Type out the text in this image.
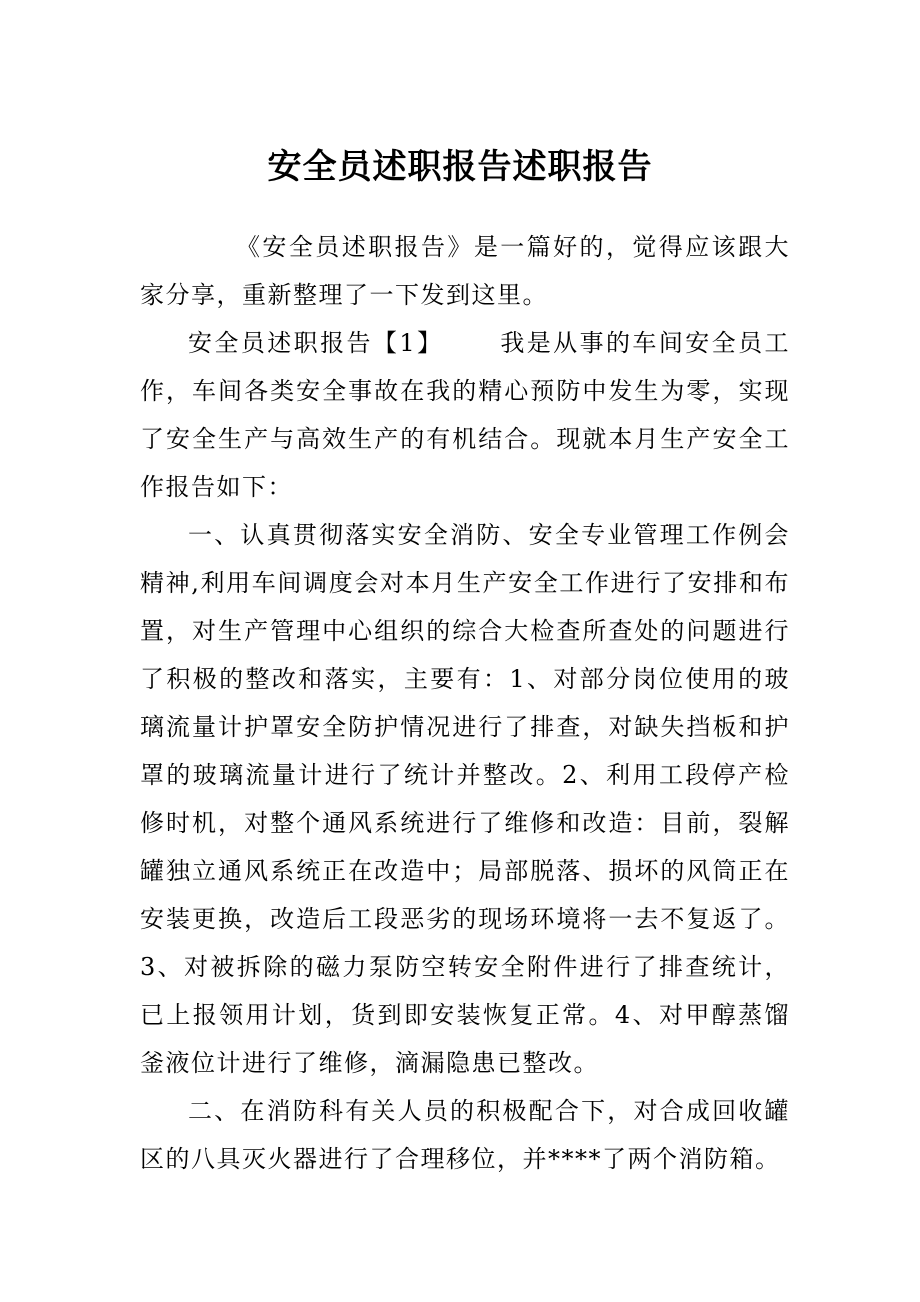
安全员述职报告述职报告

《安全员述职报告》是一篇好的，觉得应该跟大家分享，重新整理了一下发到这里。

安全员述职报告【1】 我是从事的车间安全员工作，车间各类安全事故在我的精心预防中发生为零，实现了安全生产与高效生产的有机结合。现就本月生产安全工作报告如下：

一、认真贯彻落实安全消防、安全专业管理工作例会精神,利用车间调度会对本月生产安全工作进行了安排和布置，对生产管理中心组织的综合大检查所查处的问题进行了积极的整改和落实，主要有：1、对部分岗位使用的玻璃流量计护罩安全防护情况进行了排查，对缺失挡板和护罩的玻璃流量计进行了统计并整改。2、利用工段停产检修时机，对整个通风系统进行了维修和改造：目前，裂解罐独立通风系统正在改造中；局部脱落、损坏的风筒正在安装更换，改造后工段恶劣的现场环境将一去不复返了。3、对被拆除的磁力泵防空转安全附件进行了排查统计，已上报领用计划，货到即安装恢复正常。4、对甲醇蒸馏釜液位计进行了维修，滴漏隐患已整改。

二、在消防科有关人员的积极配合下，对合成回收罐区的八具灭火器进行了合理移位，并****了两个消防箱。
